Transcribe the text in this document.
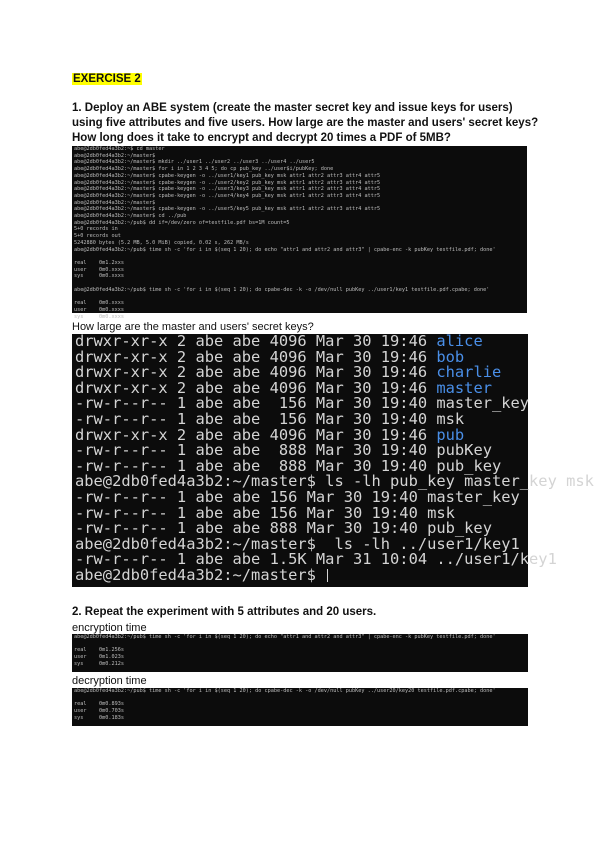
EXERCISE 2
1. Deploy an ABE system (create the master secret key and issue keys for users) using five attributes and five users. How large are the master and users' secret keys? How long does it take to encrypt and decrypt 20 times a PDF of 5MB?
abe@2db0fed4a3b2:~$ cd master
abe@2db0fed4a3b2:~/master$
abe@2db0fed4a3b2:~/master$ mkdir ../user1 ../user2 ../user3 ../user4 ../user5
abe@2db0fed4a3b2:~/master$ for i in 1 2 3 4 5; do cp pub_key ../user$i/pubKey; done
abe@2db0fed4a3b2:~/master$ cpabe-keygen -o ../user1/key1 pub_key msk attr1 attr2 attr3 attr4 attr5
abe@2db0fed4a3b2:~/master$ cpabe-keygen -o ../user2/key2 pub_key msk attr1 attr2 attr3 attr4 attr5
abe@2db0fed4a3b2:~/master$ cpabe-keygen -o ../user3/key3 pub_key msk attr1 attr2 attr3 attr4 attr5
abe@2db0fed4a3b2:~/master$ cpabe-keygen -o ../user4/key4 pub_key msk attr1 attr2 attr3 attr4 attr5
abe@2db0fed4a3b2:~/master$
abe@2db0fed4a3b2:~/master$ cpabe-keygen -o ../user5/key5 pub_key msk attr1 attr2 attr3 attr4 attr5
abe@2db0fed4a3b2:~/master$ cd ../pub
abe@2db0fed4a3b2:~/pub$ dd if=/dev/zero of=testfile.pdf bs=1M count=5
5+0 records in
5+0 records out
5242880 bytes (5.2 MB, 5.0 MiB) copied, 0.02 s, 262 MB/s
abe@2db0fed4a3b2:~/pub$ time sh -c 'for i in $(seq 1 20); do echo "attr1 and attr2 and attr3" | cpabe-enc -k pubKey testfile.pdf; done'

real    0m1.2xxs
user    0m0.xxxs
sys     0m0.xxxs

abe@2db0fed4a3b2:~/pub$ time sh -c 'for i in $(seq 1 20); do cpabe-dec -k -o /dev/null pubKey ../user1/key1 testfile.pdf.cpabe; done'

real    0m0.xxxs
user    0m0.xxxs
sys     0m0.xxxs
How large are the master and users' secret keys?
drwxr-xr-x 2 abe abe 4096 Mar 30 19:46 alice
drwxr-xr-x 2 abe abe 4096 Mar 30 19:46 bob
drwxr-xr-x 2 abe abe 4096 Mar 30 19:46 charlie
drwxr-xr-x 2 abe abe 4096 Mar 30 19:46 master
-rw-r--r-- 1 abe abe  156 Mar 30 19:40 master_key
-rw-r--r-- 1 abe abe  156 Mar 30 19:40 msk
drwxr-xr-x 2 abe abe 4096 Mar 30 19:46 pub
-rw-r--r-- 1 abe abe  888 Mar 30 19:40 pubKey
-rw-r--r-- 1 abe abe  888 Mar 30 19:40 pub_key
abe@2db0fed4a3b2:~/master$ ls -lh pub_key master_key msk
-rw-r--r-- 1 abe abe 156 Mar 30 19:40 master_key
-rw-r--r-- 1 abe abe 156 Mar 30 19:40 msk
-rw-r--r-- 1 abe abe 888 Mar 30 19:40 pub_key
abe@2db0fed4a3b2:~/master$  ls -lh ../user1/key1
-rw-r--r-- 1 abe abe 1.5K Mar 31 10:04 ../user1/key1
abe@2db0fed4a3b2:~/master$
2. Repeat the experiment with 5 attributes and 20 users.
encryption time
abe@2db0fed4a3b2:~/pub$ time sh -c 'for i in $(seq 1 20); do echo "attr1 and attr2 and attr3" | cpabe-enc -k pubKey testfile.pdf; done'

real    0m1.256s
user    0m1.023s
sys     0m0.212s
decryption time
abe@2db0fed4a3b2:~/pub$ time sh -c 'for i in $(seq 1 20); do cpabe-dec -k -o /dev/null pubKey ../user20/key20 testfile.pdf.cpabe; done'

real    0m0.893s
user    0m0.703s
sys     0m0.183s
